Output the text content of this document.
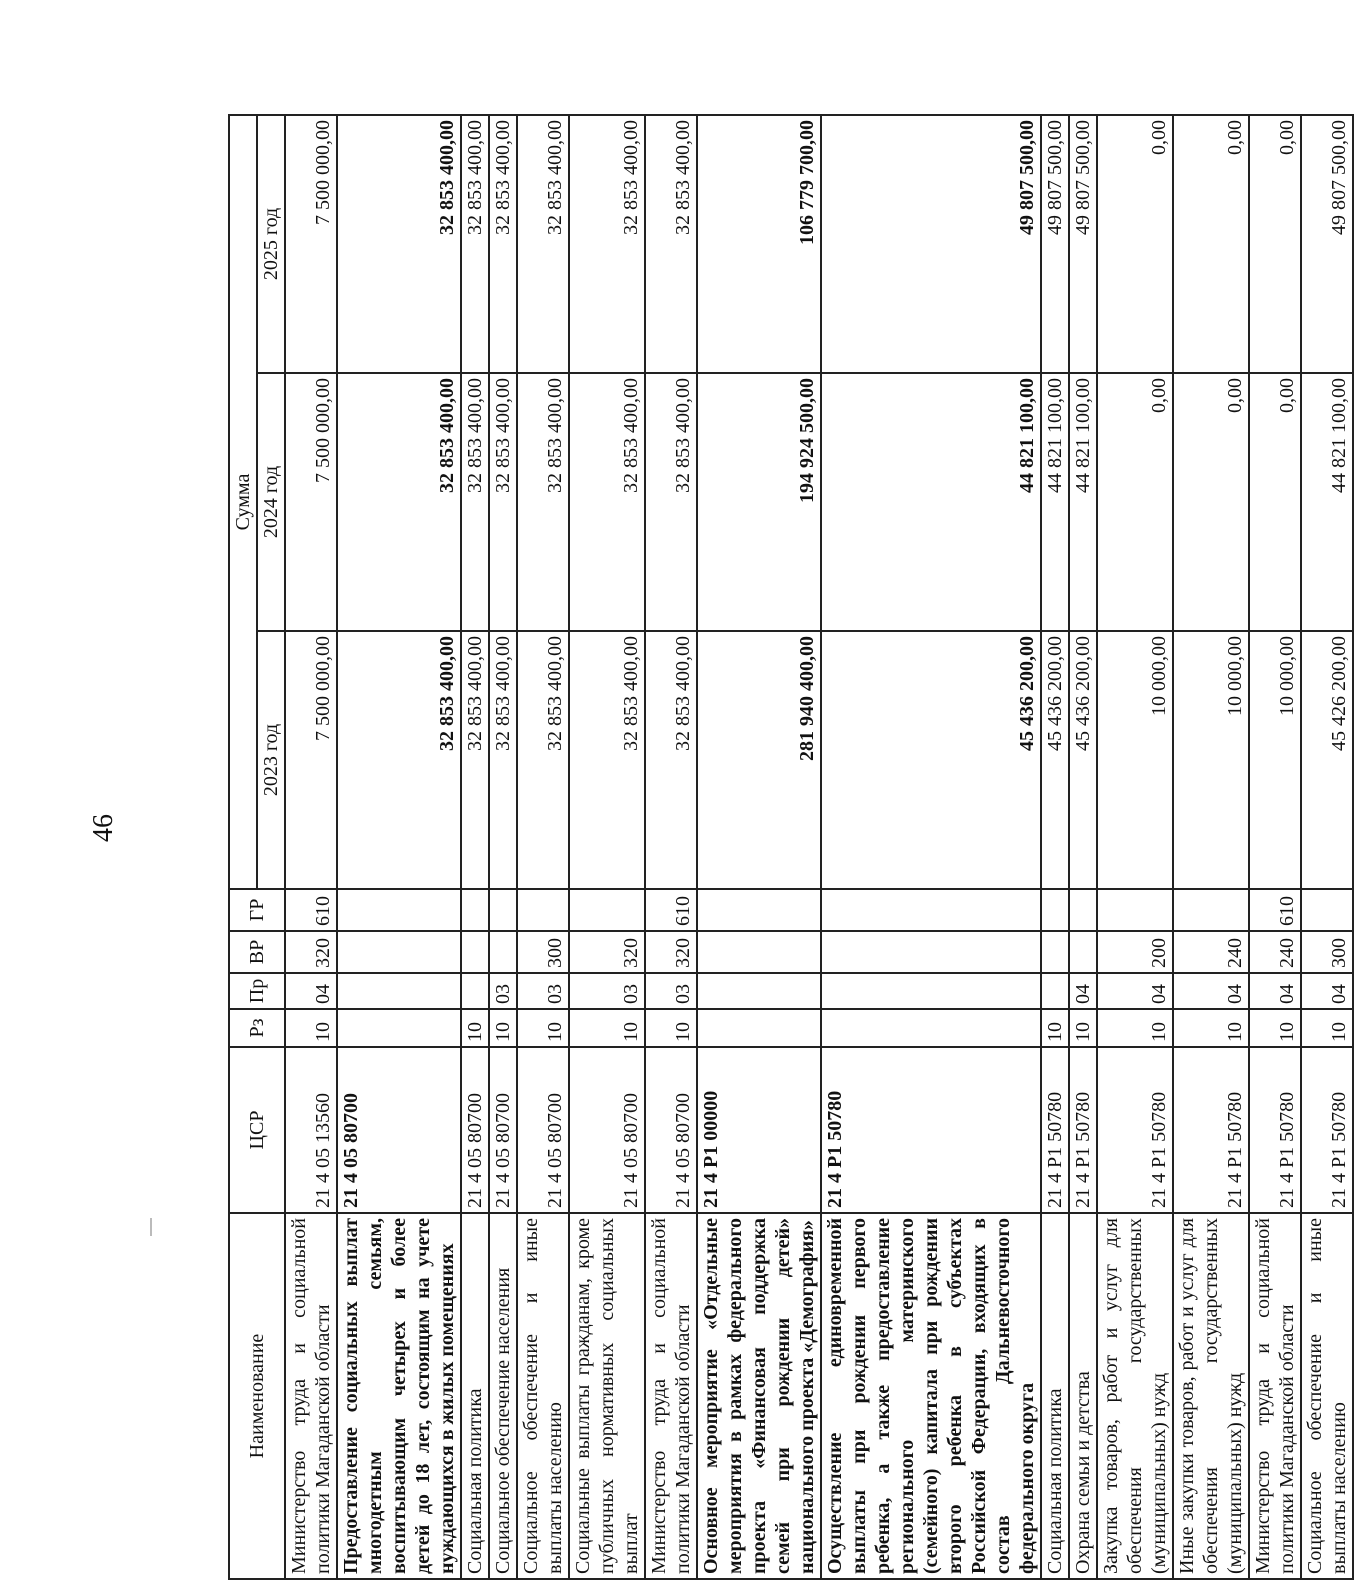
46
Наименование	ЦСР	Рз	Пр	ВР	ГР	Сумма		
						2023 год	2024 год	2025 год
Министерство труда и социальной политики Магаданской области	21 4 05 13560	10	04	320	610	7 500 000,00	7 500 000,00	7 500 000,00
Предоставление социальных выплат многодетным семьям, воспитывающим четырех и более детей до 18 лет, состоящим на учете нуждающихся в жилых помещениях	21 4 05 80700					32 853 400,00	32 853 400,00	32 853 400,00
Социальная политика	21 4 05 80700	10				32 853 400,00	32 853 400,00	32 853 400,00
Социальное обеспечение населения	21 4 05 80700	10	03			32 853 400,00	32 853 400,00	32 853 400,00
Социальное обеспечение и иные выплаты населению	21 4 05 80700	10	03	300		32 853 400,00	32 853 400,00	32 853 400,00
Социальные выплаты гражданам, кроме публичных нормативных социальных выплат	21 4 05 80700	10	03	320		32 853 400,00	32 853 400,00	32 853 400,00
Министерство труда и социальной политики Магаданской области	21 4 05 80700	10	03	320	610	32 853 400,00	32 853 400,00	32 853 400,00
Основное мероприятие «Отдельные мероприятия в рамках федерального проекта «Финансовая поддержка семей при рождении детей» национального проекта «Демография»	21 4 Р1 00000					281 940 400,00	194 924 500,00	106 779 700,00
Осуществление единовременной выплаты при рождении первого ребенка, а также предоставление регионального материнского (семейного) капитала при рождении второго ребенка в субъектах Российской Федерации, входящих в состав Дальневосточного федерального округа	21 4 Р1 50780					45 436 200,00	44 821 100,00	49 807 500,00
Социальная политика	21 4 Р1 50780	10				45 436 200,00	44 821 100,00	49 807 500,00
Охрана семьи и детства	21 4 Р1 50780	10	04			45 436 200,00	44 821 100,00	49 807 500,00
Закупка товаров, работ и услуг для обеспечения государственных (муниципальных) нужд	21 4 Р1 50780	10	04	200		10 000,00	0,00	0,00
Иные закупки товаров, работ и услуг для обеспечения государственных (муниципальных) нужд	21 4 Р1 50780	10	04	240		10 000,00	0,00	0,00
Министерство труда и социальной политики Магаданской области	21 4 Р1 50780	10	04	240	610	10 000,00	0,00	0,00
Социальное обеспечение и иные выплаты населению	21 4 Р1 50780	10	04	300		45 426 200,00	44 821 100,00	49 807 500,00
